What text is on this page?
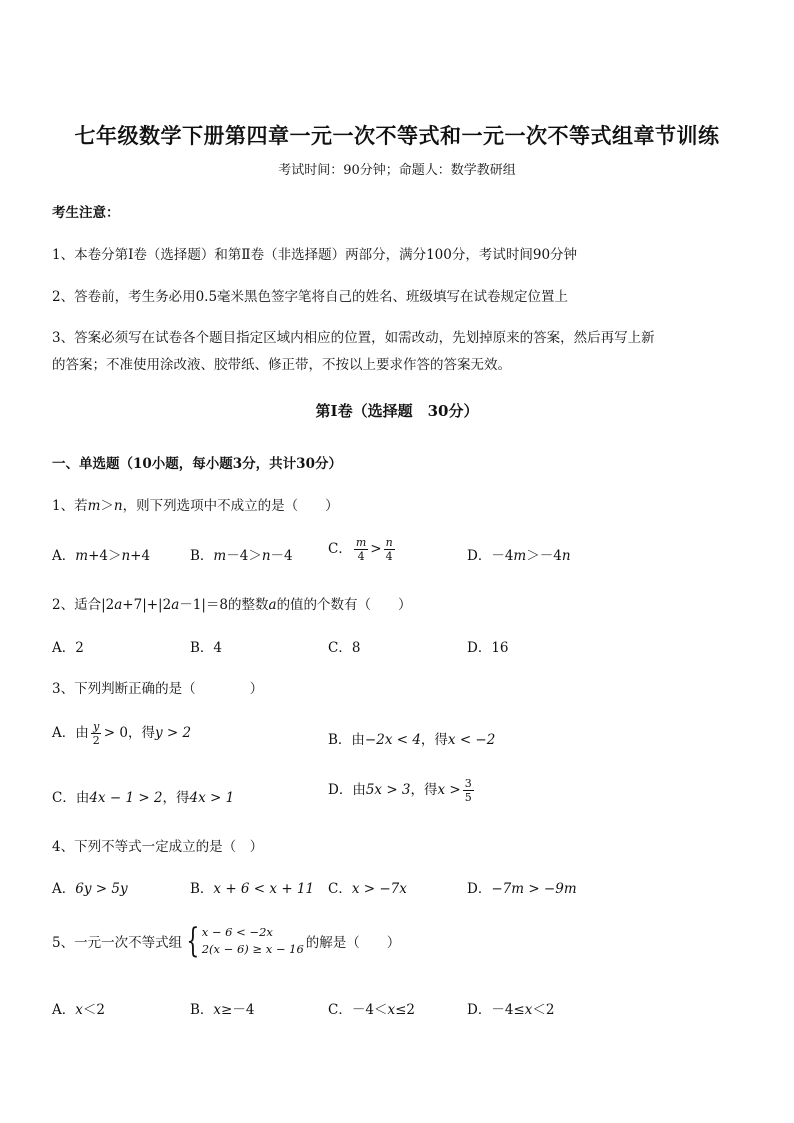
七年级数学下册第四章一元一次不等式和一元一次不等式组章节训练
考试时间：90分钟；命题人：数学教研组
考生注意：
1、本卷分第Ⅰ卷（选择题）和第Ⅱ卷（非选择题）两部分，满分100分，考试时间90分钟
2、答卷前，考生务必用0.5毫米黑色签字笔将自己的姓名、班级填写在试卷规定位置上
3、答案必须写在试卷各个题目指定区域内相应的位置，如需改动，先划掉原来的答案，然后再写上新
的答案；不准使用涂改液、胶带纸、修正带，不按以上要求作答的答案无效。
第Ⅰ卷（选择题　30分）
一、单选题（10小题，每小题3分，共计30分）
1、若m＞n，则下列选项中不成立的是（　　）
A．m+4＞n+4	B．m－4＞n－4	C． $\frac{m}{4} > \frac{n}{4}$	D．－4m＞－4n
2、适合|2a+7|+|2a－1|＝8的整数a的值的个数有（　　）
A．2	B．4	C．8	D．16
3、下列判断正确的是（　　　　）
A．由 $\frac{y}{2} > 0$，得y > 2	B．由−2x < 4，得x < −2
C．由4x − 1 > 2，得4x > 1	D．由5x > 3，得$x > \frac{3}{5}$
4、下列不等式一定成立的是（　）
A．6y > 5y	B．x + 6 < x + 11 C．x > −7x	D．−7m > −9m
5、一元一次不等式组 { x − 6 < −2x
2(x − 6) ≥ x − 16 的解是（　　）
A．x＜2	B．x≥－4	C．－4＜x≤2	D．－4≤x＜2
